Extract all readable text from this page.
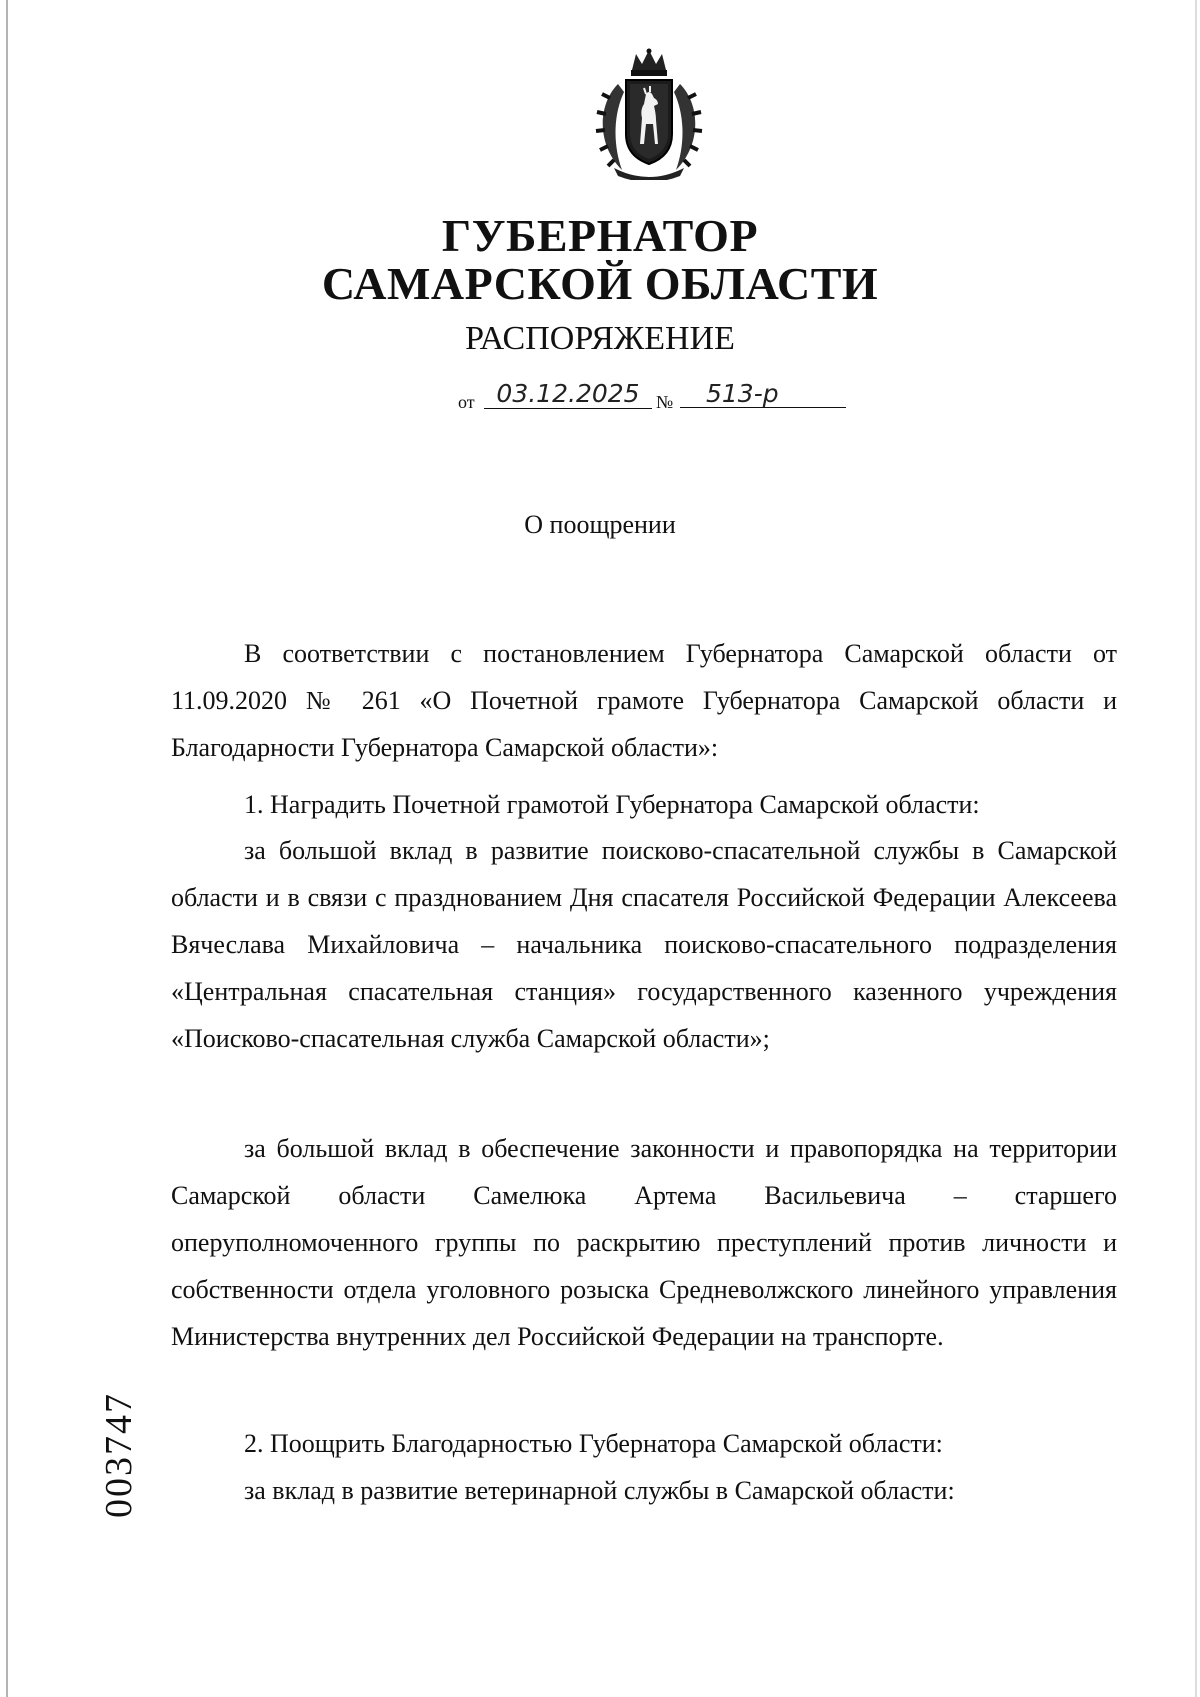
ГУБЕРНАТОР
САМАРСКОЙ ОБЛАСТИ
РАСПОРЯЖЕНИЕ
от 03.12.2025 №	513-р
О поощрении

В соответствии с постановлением Губернатора Самарской области от 11.09.2020 № 261 «О Почетной грамоте Губернатора Самарской области и Благодарности Губернатора Самарской области»:

1. Наградить Почетной грамотой Губернатора Самарской области:

за большой вклад в развитие поисково-спасательной службы в Самарской области и в связи с празднованием Дня спасателя Российской Федерации Алексеева Вячеслава Михайловича – начальника поисково-спасательного подразделения «Центральная спасательная станция» государственного казенного учреждения «Поисково-спасательная служба Самарской области»;

за большой вклад в обеспечение законности и правопорядка на территории Самарской области Самелюка Артема Васильевича – старшего оперуполномоченного группы по раскрытию преступлений против личности и собственности отдела уголовного розыска Средневолжского линейного управления Министерства внутренних дел Российской Федерации на транспорте.

2. Поощрить Благодарностью Губернатора Самарской области:

за вклад в развитие ветеринарной службы в Самарской области:

003747
